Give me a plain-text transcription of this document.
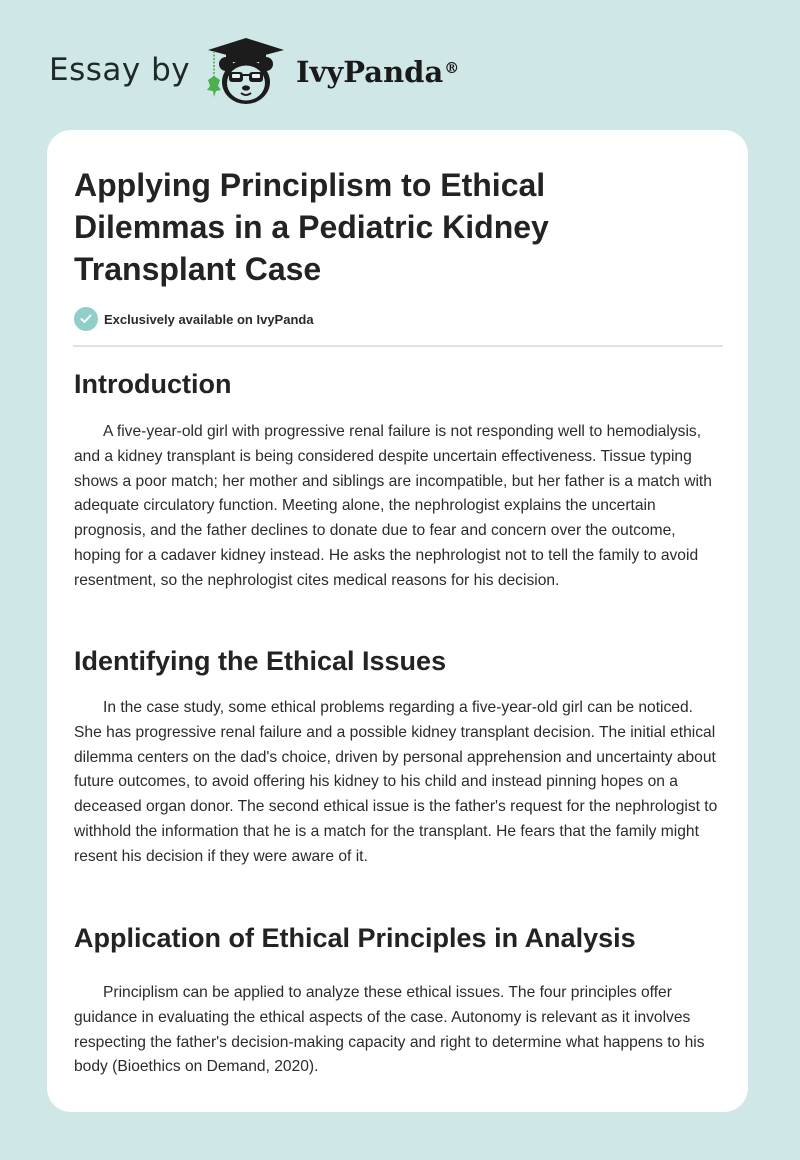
Essay by	IvyPanda®
Applying Principlism to Ethical Dilemmas in a Pediatric Kidney Transplant Case
Exclusively available on IvyPanda
Introduction

A five-year-old girl with progressive renal failure is not responding well to hemodialysis, and a kidney transplant is being considered despite uncertain effectiveness. Tissue typing shows a poor match; her mother and siblings are incompatible, but her father is a match with adequate circulatory function. Meeting alone, the nephrologist explains the uncertain prognosis, and the father declines to donate due to fear and concern over the outcome, hoping for a cadaver kidney instead. He asks the nephrologist not to tell the family to avoid resentment, so the nephrologist cites medical reasons for his decision.

Identifying the Ethical Issues

In the case study, some ethical problems regarding a five-year-old girl can be noticed. She has progressive renal failure and a possible kidney transplant decision. The initial ethical dilemma centers on the dad's choice, driven by personal apprehension and uncertainty about future outcomes, to avoid offering his kidney to his child and instead pinning hopes on a deceased organ donor. The second ethical issue is the father's request for the nephrologist to withhold the information that he is a match for the transplant. He fears that the family might resent his decision if they were aware of it.

Application of Ethical Principles in Analysis

Principlism can be applied to analyze these ethical issues. The four principles offer guidance in evaluating the ethical aspects of the case. Autonomy is relevant as it involves respecting the father's decision-making capacity and right to determine what happens to his body (Bioethics on Demand, 2020).
